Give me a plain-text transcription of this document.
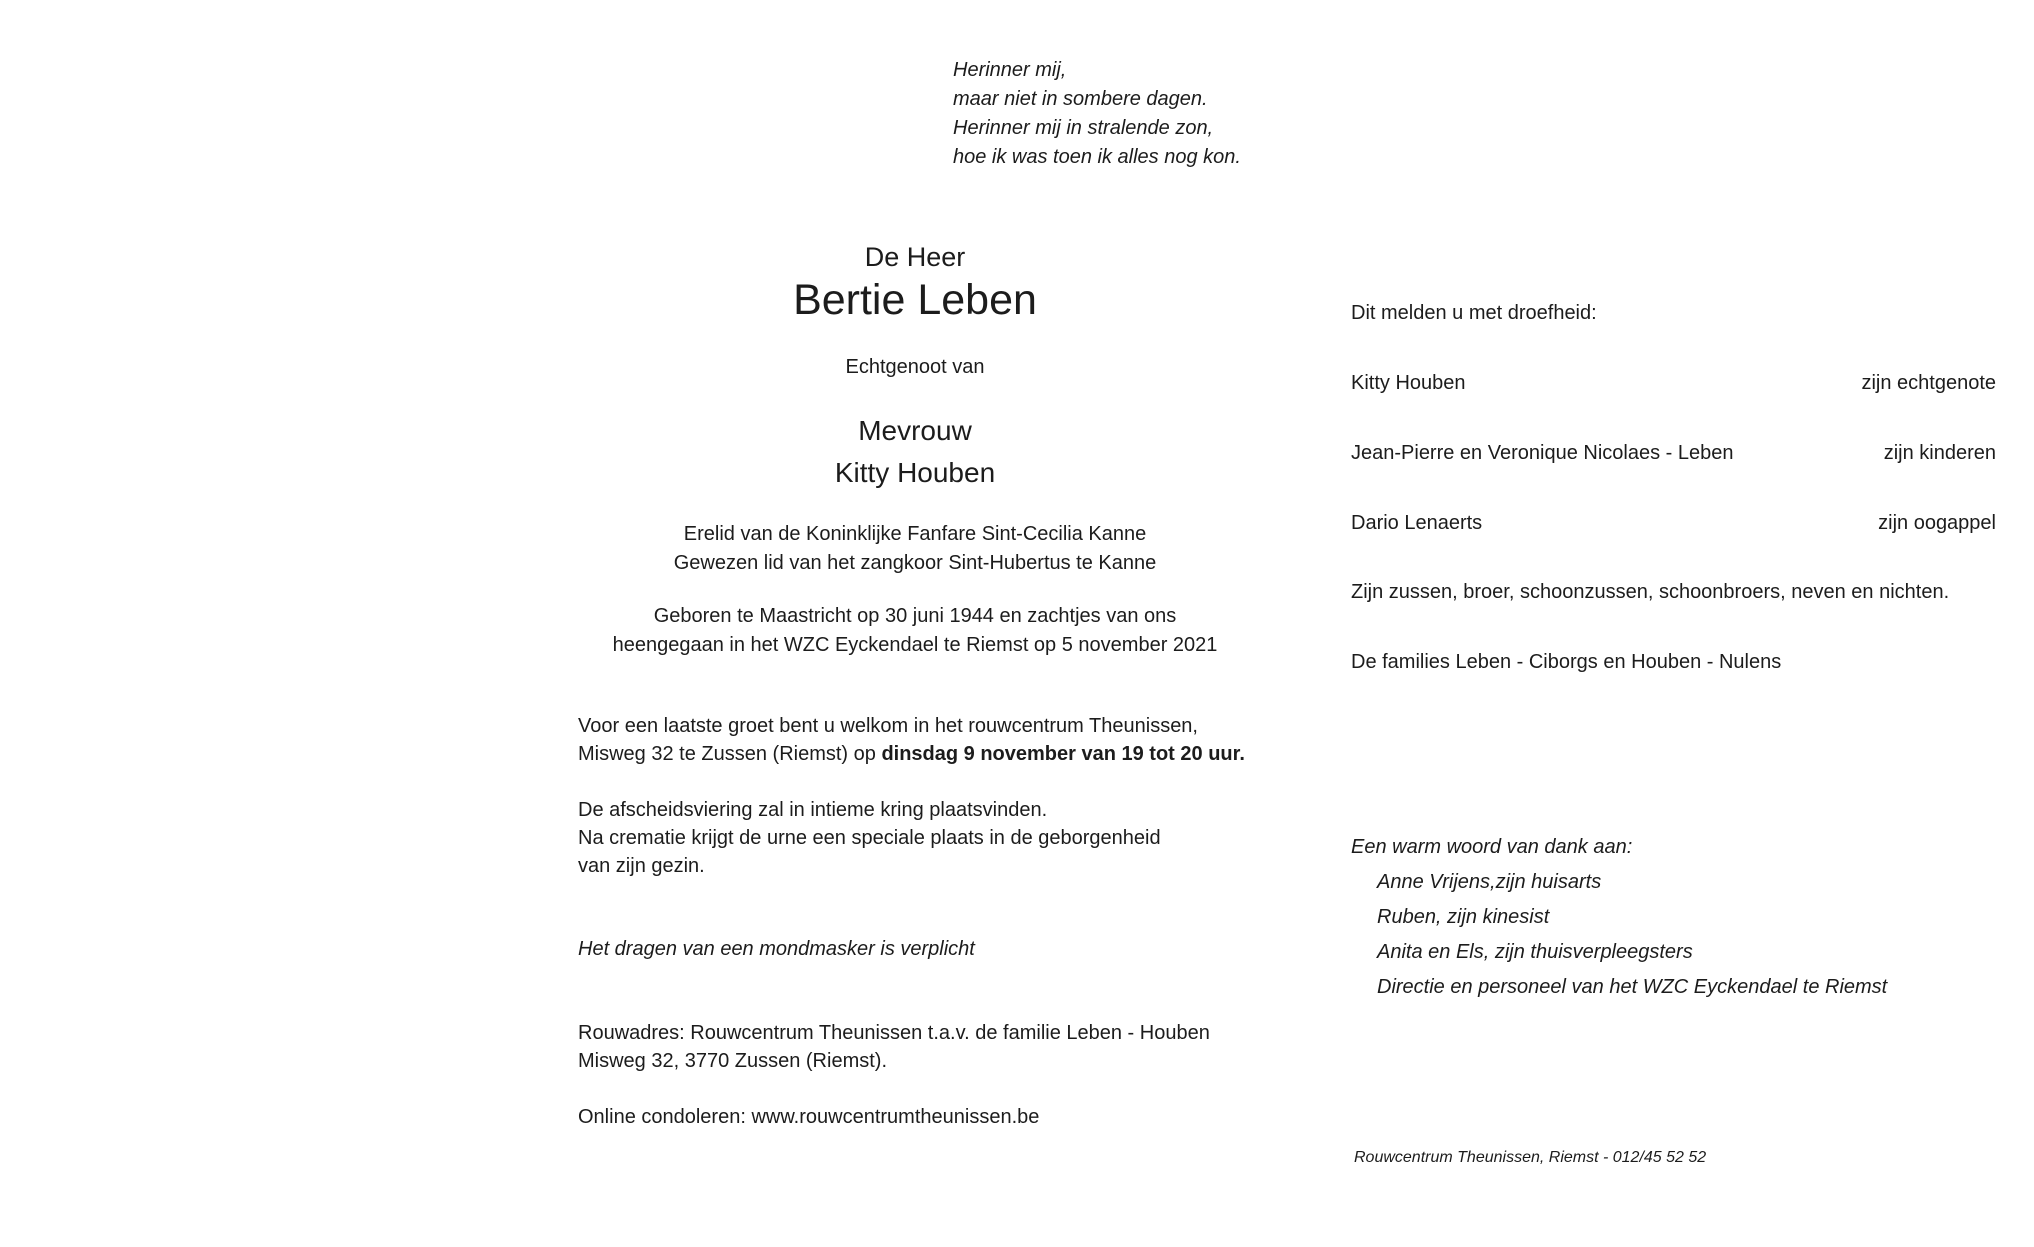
Herinner mij,
maar niet in sombere dagen.
Herinner mij in stralende zon,
hoe ik was toen ik alles nog kon.
De Heer
Bertie Leben
Echtgenoot van
Mevrouw
Kitty Houben
Erelid van de Koninklijke Fanfare Sint-Cecilia Kanne
Gewezen lid van het zangkoor Sint-Hubertus te Kanne
Geboren te Maastricht op 30 juni 1944 en zachtjes van ons
heengegaan in het WZC Eyckendael te Riemst op 5 november 2021
Voor een laatste groet bent u welkom in het rouwcentrum Theunissen,
Misweg 32 te Zussen (Riemst) op dinsdag 9 november van 19 tot 20 uur.
De afscheidsviering zal in intieme kring plaatsvinden.
Na crematie krijgt de urne een speciale plaats in de geborgenheid
van zijn gezin.
Het dragen van een mondmasker is verplicht
Rouwadres: Rouwcentrum Theunissen t.a.v. de familie Leben - Houben
Misweg 32, 3770 Zussen (Riemst).
Online condoleren: www.rouwcentrumtheunissen.be
Dit melden u met droefheid:
Kitty Houben	zijn echtgenote
Jean-Pierre en Veronique Nicolaes - Leben	zijn kinderen
Dario Lenaerts	zijn oogappel
Zijn zussen, broer, schoonzussen, schoonbroers, neven en nichten.
De families Leben - Ciborgs en Houben - Nulens
Een warm woord van dank aan:
Anne Vrijens,zijn huisarts
Ruben, zijn kinesist
Anita en Els, zijn thuisverpleegsters
Directie en personeel van het WZC Eyckendael te Riemst
Rouwcentrum Theunissen, Riemst - 012/45 52 52
